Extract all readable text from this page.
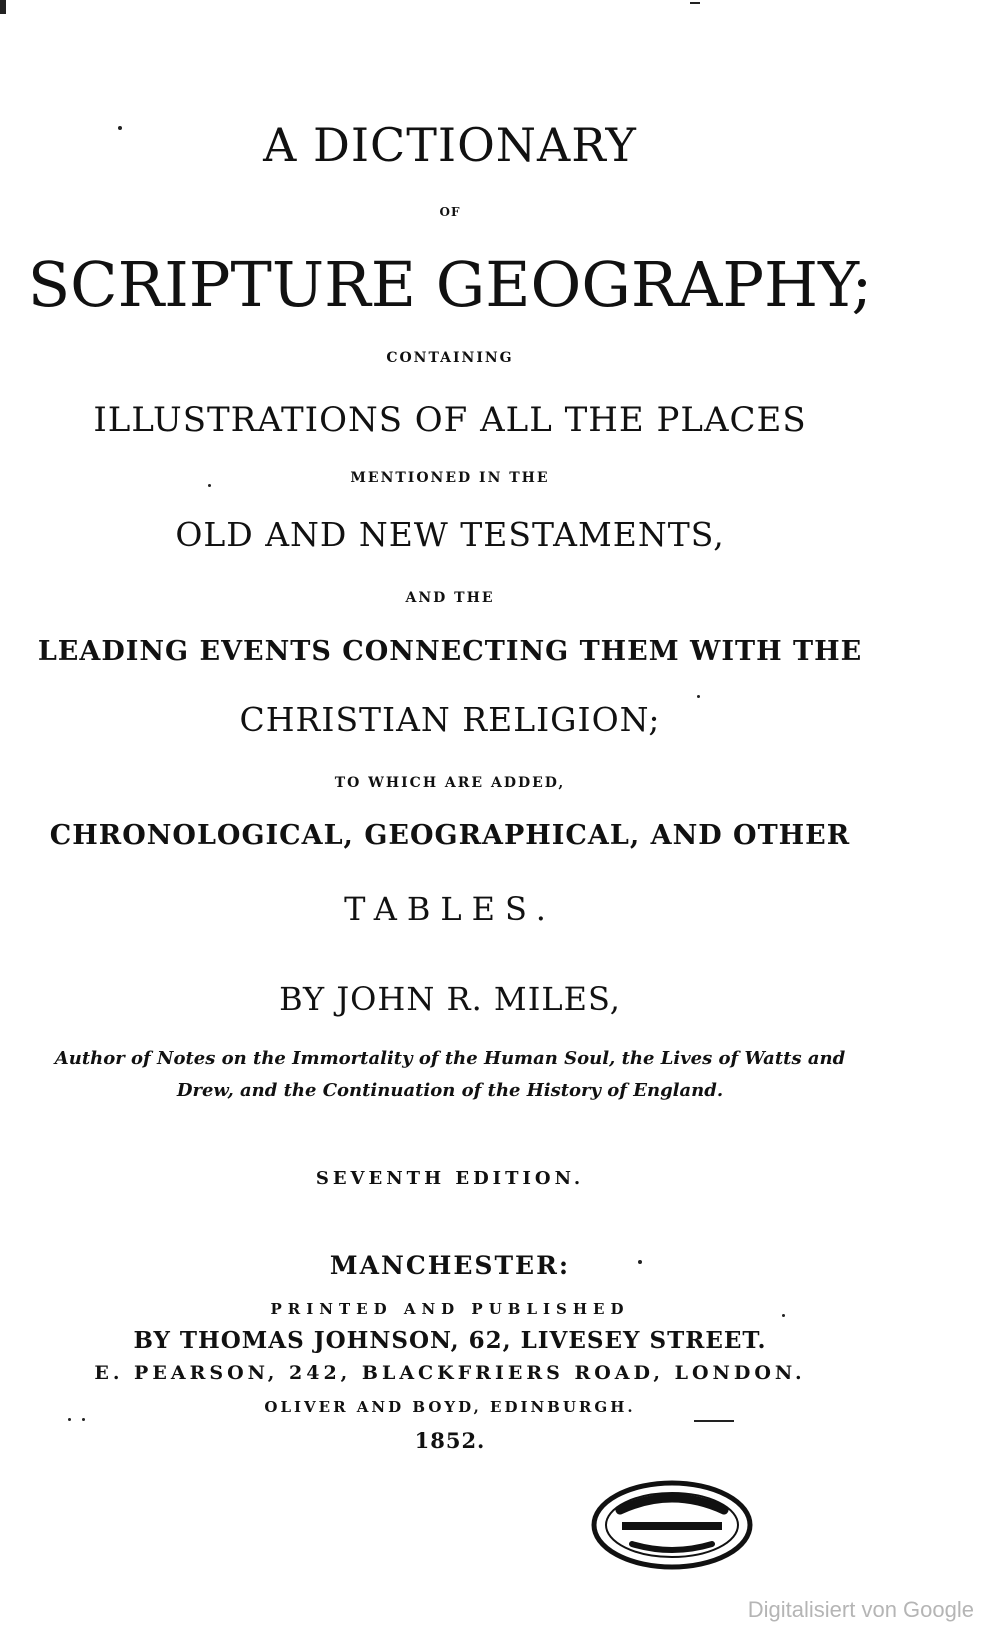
A DICTIONARY
OF
SCRIPTURE GEOGRAPHY;
CONTAINING
ILLUSTRATIONS OF ALL THE PLACES
MENTIONED IN THE
OLD AND NEW TESTAMENTS,
AND THE
LEADING EVENTS CONNECTING THEM WITH THE
CHRISTIAN RELIGION;
TO WHICH ARE ADDED,
CHRONOLOGICAL, GEOGRAPHICAL, AND OTHER
TABLES.
BY JOHN R. MILES,
Author of Notes on the Immortality of the Human Soul, the Lives of Watts and
Drew, and the Continuation of the History of England.
SEVENTH EDITION.
MANCHESTER:
PRINTED AND PUBLISHED
BY THOMAS JOHNSON, 62, LIVESEY STREET.
E. PEARSON, 242, BLACKFRIERS ROAD, LONDON.
OLIVER AND BOYD, EDINBURGH.
1852.
Digitalisiert von Google
